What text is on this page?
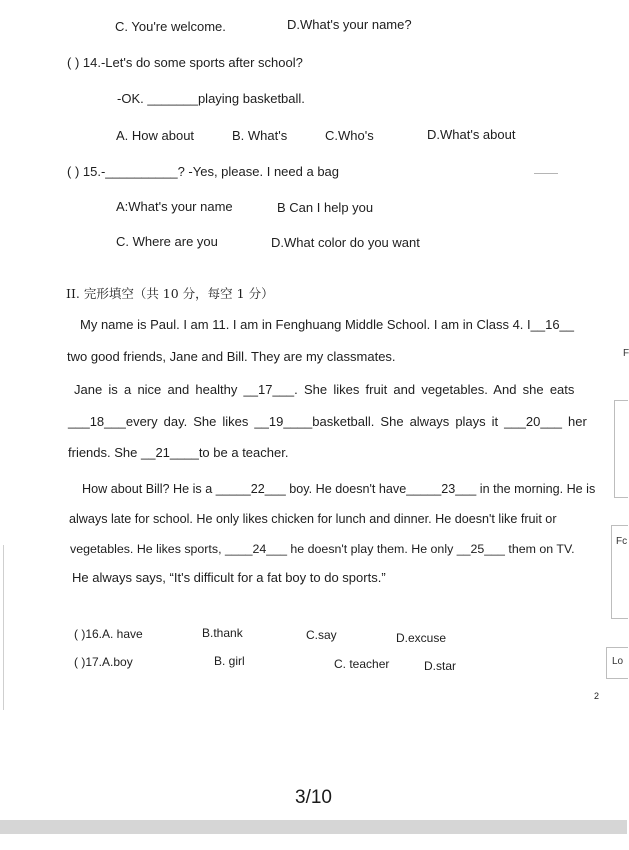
C. You're welcome.	D.What's your name?
( ) 14.-Let's do some sports after school?
-OK. _______playing basketball.
A. How about	B. What's	C.Who's	D.What's about
( ) 15.-__________? -Yes, please. I need a bag
A:What's your name	B Can I help you
C. Where are you	D.What color do you want
II. 完形填空（共 10 分，每空 1 分）
My name is Paul. I am 11. I am in Fenghuang Middle School. I am in Class 4. I__16__
two good friends, Jane and Bill. They are my classmates.
Jane is a nice and healthy __17___. She likes fruit and vegetables. And she eats
___18___every day. She likes __19____basketball. She always plays it ___20___ her
friends. She __21____to be a teacher.
How about Bill? He is a _____22___ boy. He doesn't have_____23___ in the morning. He is
always late for school. He only likes chicken for lunch and dinner. He doesn't like fruit or
vegetables. He likes sports, ____24___ he doesn't play them. He only __25___ them on TV.
He always says, “It's difficult for a fat boy to do sports.”
( )16.A. have	B.thank	C.say	D.excuse
( )17.A.boy	B. girl	C. teacher	D.star
2
F
Fc
Lo
3/10
